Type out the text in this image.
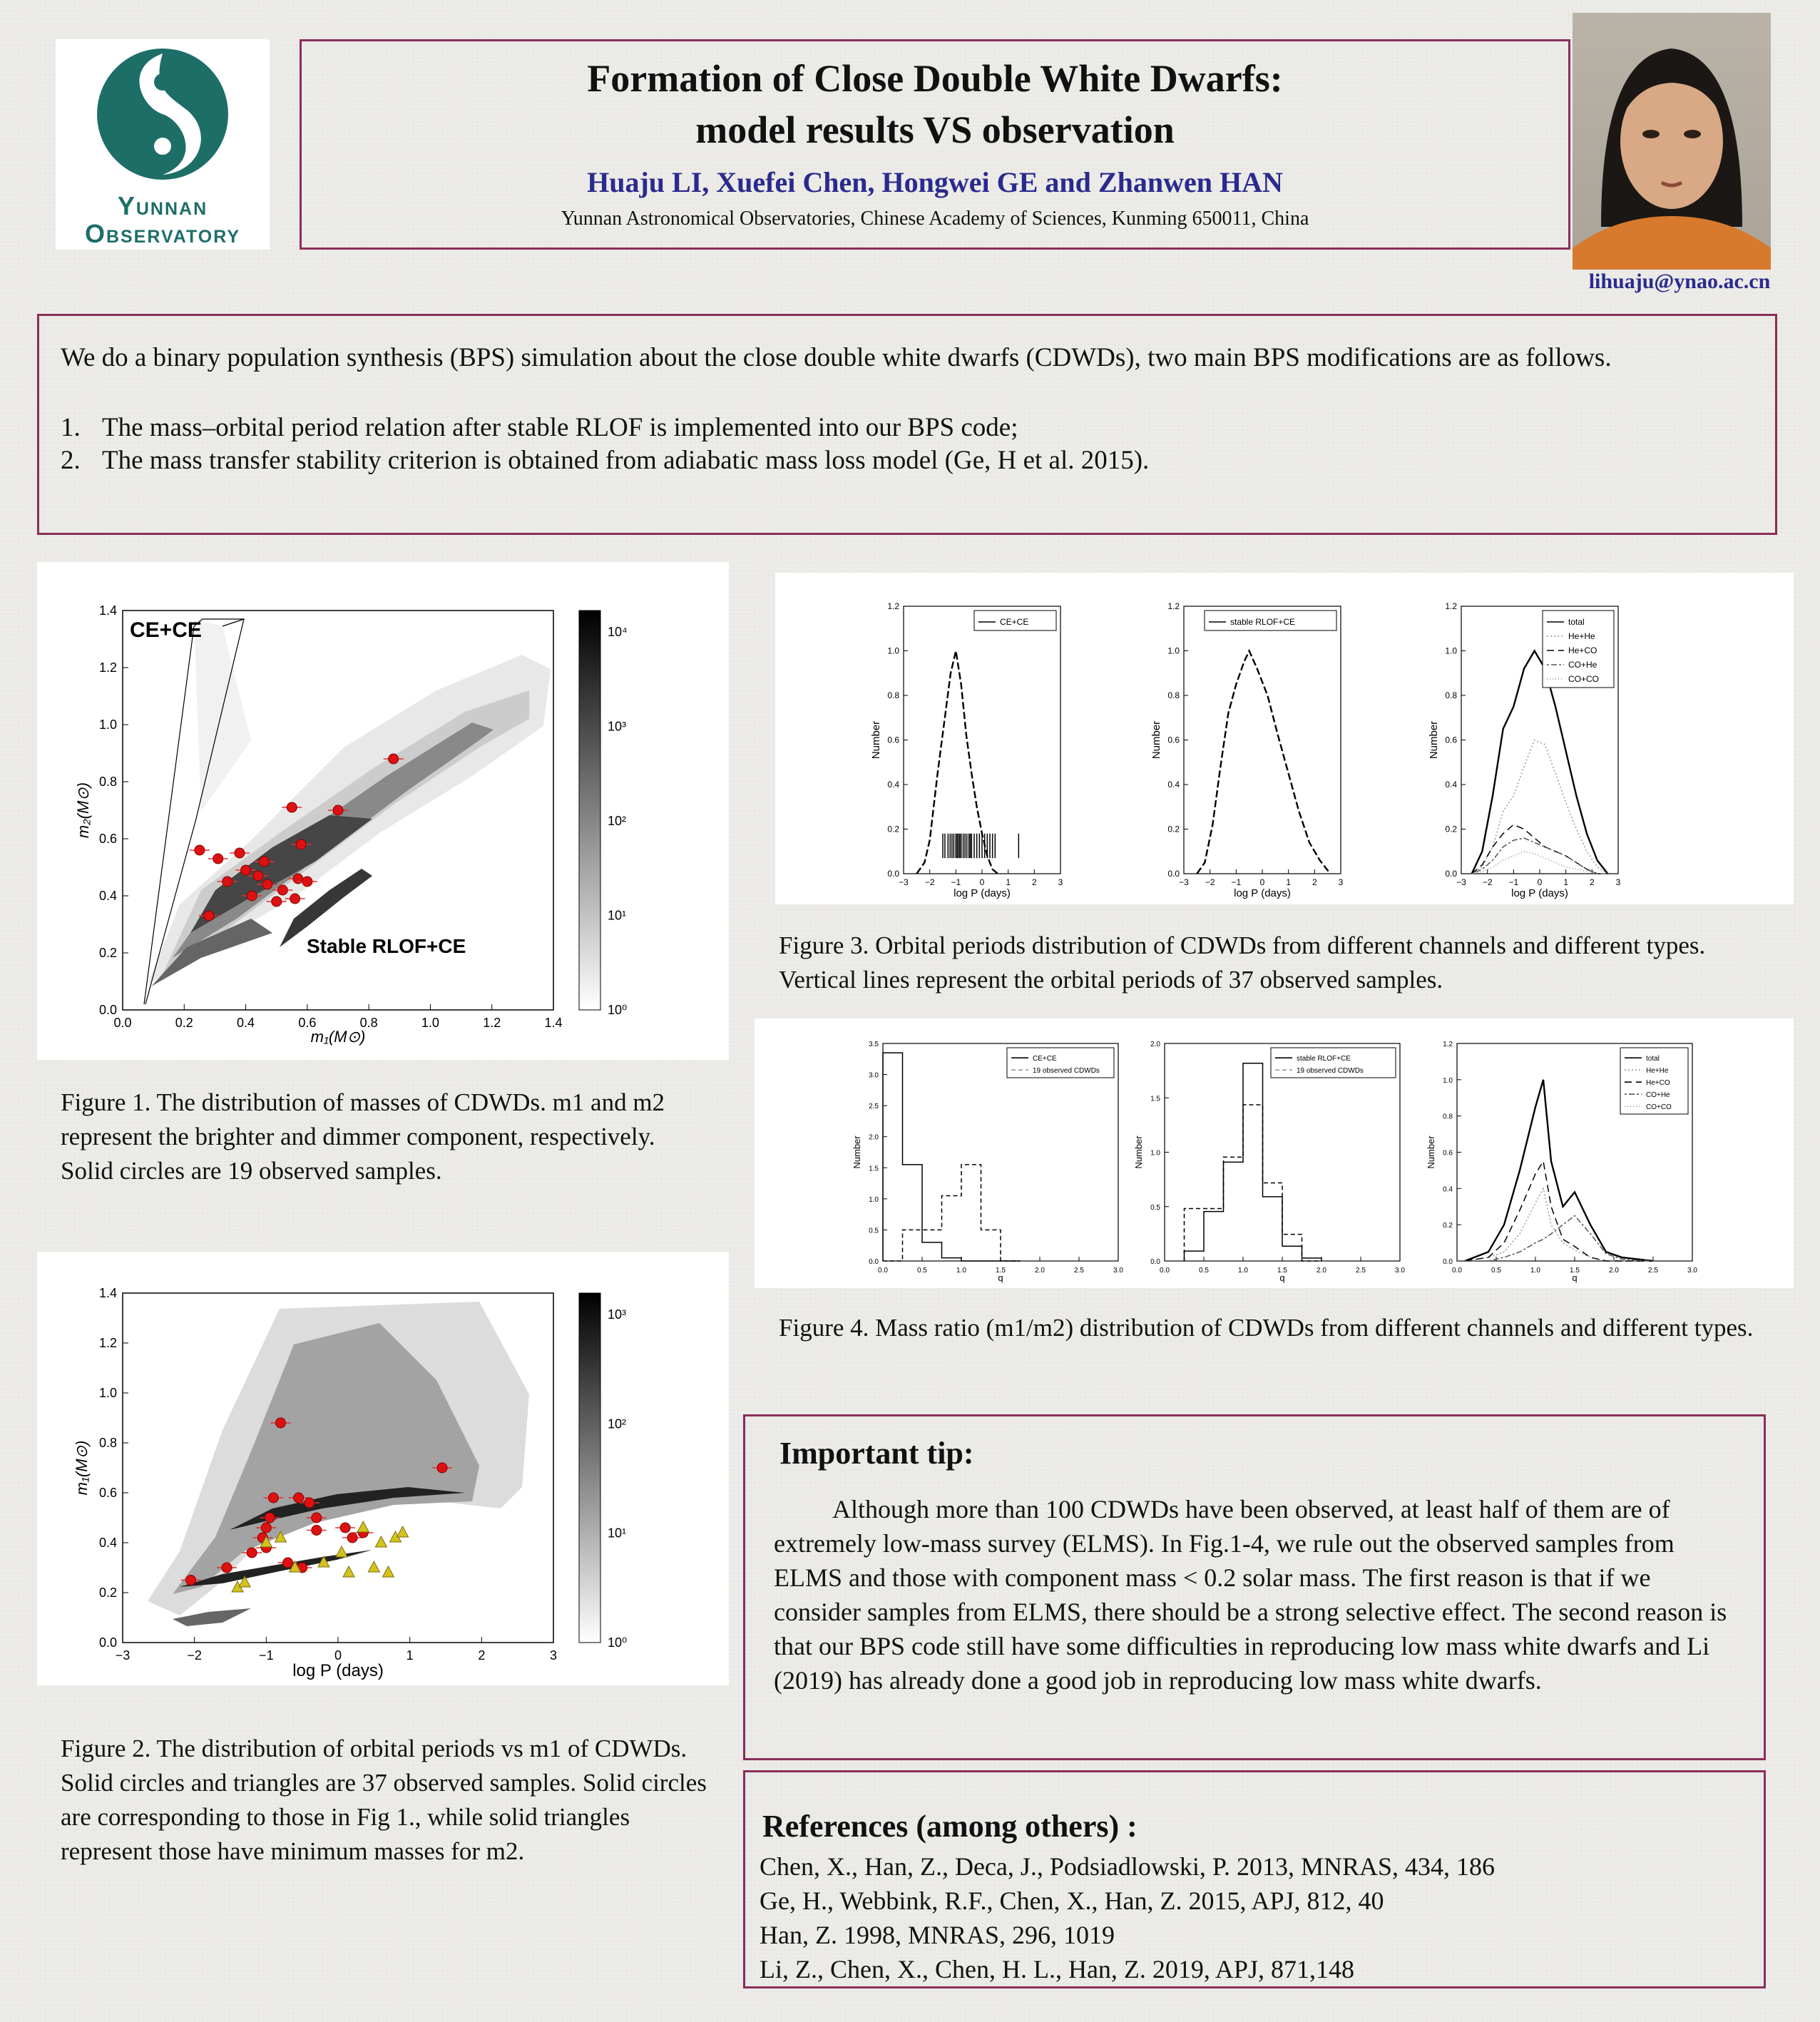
Yunnan
Observatory
Formation of Close Double White Dwarfs:
model results VS observation
Huaju LI, Xuefei Chen, Hongwei GE and Zhanwen HAN
Yunnan Astronomical Observatories, Chinese Academy of Sciences, Kunming 650011, China
lihuaju@ynao.ac.cn
We do a binary population synthesis (BPS) simulation about the close double white dwarfs (CDWDs), two main BPS modifications are as follows.
1. The mass–orbital period relation after stable RLOF is implemented into our BPS code;
2. The mass transfer stability criterion is obtained from adiabatic mass loss model (Ge, H et al. 2015).
CE+CE
Stable RLOF+CE
0.0	0.2	0.4	0.6	0.8	1.0	1.2	1.4
0.0
0.2
0.4
0.6
0.8
1.0
1.2
1.4
m₁(M⊙)
m₂(M⊙)
10⁰
10¹
10²
10³
10⁴
Figure 1. The distribution of masses of CDWDs. m1 and m2 represent the brighter and dimmer component, respectively. Solid circles are 19 observed samples.
−3	−2	−1	0	1	2	3
0.0
0.2
0.4
0.6
0.8
1.0
1.2
1.4
log P (days)
m₁(M⊙)
10⁰
10¹
10²
10³
Figure 2. The distribution of orbital periods vs m1 of CDWDs. Solid circles and triangles are 37 observed samples. Solid circles are corresponding to those in Fig 1., while solid triangles represent those have minimum masses for m2.
−3 −2 −1 0 1 2 3
0.0
0.2
0.4
0.6
0.8
1.0
1.2
log P (days)
Number
CE+CE
−3 −2 −1 0 1 2 3
0.0
0.2
0.4
0.6
0.8
1.0
1.2
log P (days)
Number
stable RLOF+CE
−3 −2 −1 0 1 2 3
0.0
0.2
0.4
0.6
0.8
1.0
1.2
log P (days)
Number
total
He+He
He+CO
CO+He
CO+CO
Figure 3. Orbital periods distribution of CDWDs from different channels and different types. Vertical lines represent the orbital periods of 37 observed samples.
0.0	0.5	1.0	1.5	2.0	2.5	3.0
0.0
0.5
1.0
1.5
2.0
2.5
3.0
3.5
q
Number
CE+CE
19 observed CDWDs
0.0	0.5	1.0	1.5	2.0	2.5	3.0
0.0
0.5
1.0
1.5
2.0
q
Number
stable RLOF+CE
19 observed CDWDs
0.0	0.5	1.0	1.5	2.0	2.5	3.0
0.0
0.2
0.4
0.6
0.8
1.0
1.2
q
Number
total
He+He
He+CO
CO+He
CO+CO
Figure 4. Mass ratio (m1/m2) distribution of CDWDs from different channels and different types.
Important tip:
Although more than 100 CDWDs have been observed, at least half of them are of extremely low-mass survey (ELMS). In Fig.1-4, we rule out the observed samples from ELMS and those with component mass < 0.2 solar mass. The first reason is that if we consider samples from ELMS, there should be a strong selective effect. The second reason is that our BPS code still have some difficulties in reproducing low mass white dwarfs and Li (2019) has already done a good job in reproducing low mass white dwarfs.
References (among others) :
Chen, X., Han, Z., Deca, J., Podsiadlowski, P. 2013, MNRAS, 434, 186
Ge, H., Webbink, R.F., Chen, X., Han, Z. 2015, APJ, 812, 40
Han, Z. 1998, MNRAS, 296, 1019
Li, Z., Chen, X., Chen, H. L., Han, Z. 2019, APJ, 871,148
